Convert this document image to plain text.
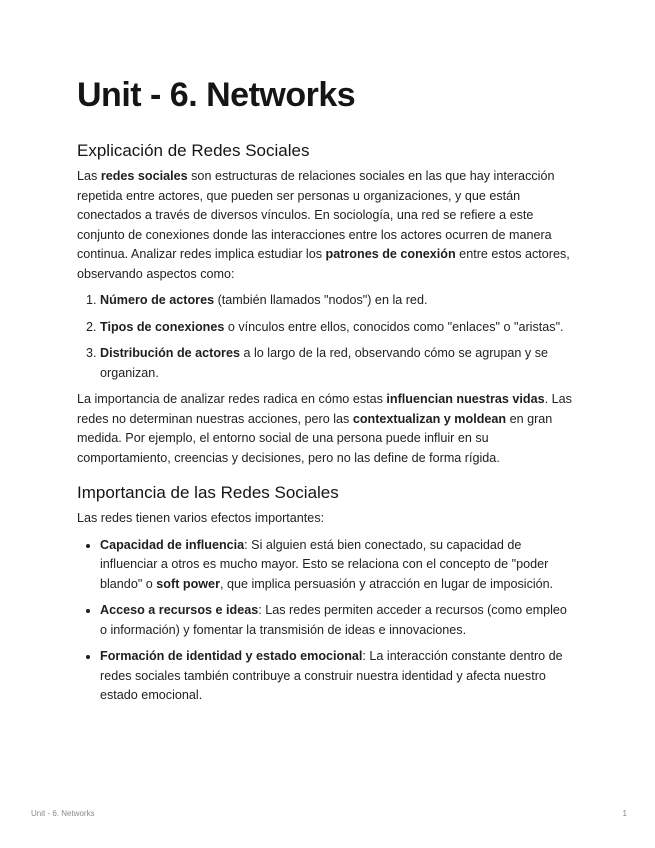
Unit - 6. Networks
Explicación de Redes Sociales

Las redes sociales son estructuras de relaciones sociales en las que hay interacción repetida entre actores, que pueden ser personas u organizaciones, y que están conectados a través de diversos vínculos. En sociología, una red se refiere a este conjunto de conexiones donde las interacciones entre los actores ocurren de manera continua. Analizar redes implica estudiar los patrones de conexión entre estos actores, observando aspectos como:

1. Número de actores (también llamados "nodos") en la red.
2. Tipos de conexiones o vínculos entre ellos, conocidos como "enlaces" o "aristas".
3. Distribución de actores a lo largo de la red, observando cómo se agrupan y se organizan.

La importancia de analizar redes radica en cómo estas influencian nuestras vidas. Las redes no determinan nuestras acciones, pero las contextualizan y moldean en gran medida. Por ejemplo, el entorno social de una persona puede influir en su comportamiento, creencias y decisiones, pero no las define de forma rígida.

Importancia de las Redes Sociales

Las redes tienen varios efectos importantes:

• Capacidad de influencia: Si alguien está bien conectado, su capacidad de influenciar a otros es mucho mayor. Esto se relaciona con el concepto de "poder blando" o soft power, que implica persuasión y atracción en lugar de imposición.
• Acceso a recursos e ideas: Las redes permiten acceder a recursos (como empleo o información) y fomentar la transmisión de ideas e innovaciones.
• Formación de identidad y estado emocional: La interacción constante dentro de redes sociales también contribuye a construir nuestra identidad y afecta nuestro estado emocional.
Unit - 6. Networks	1
